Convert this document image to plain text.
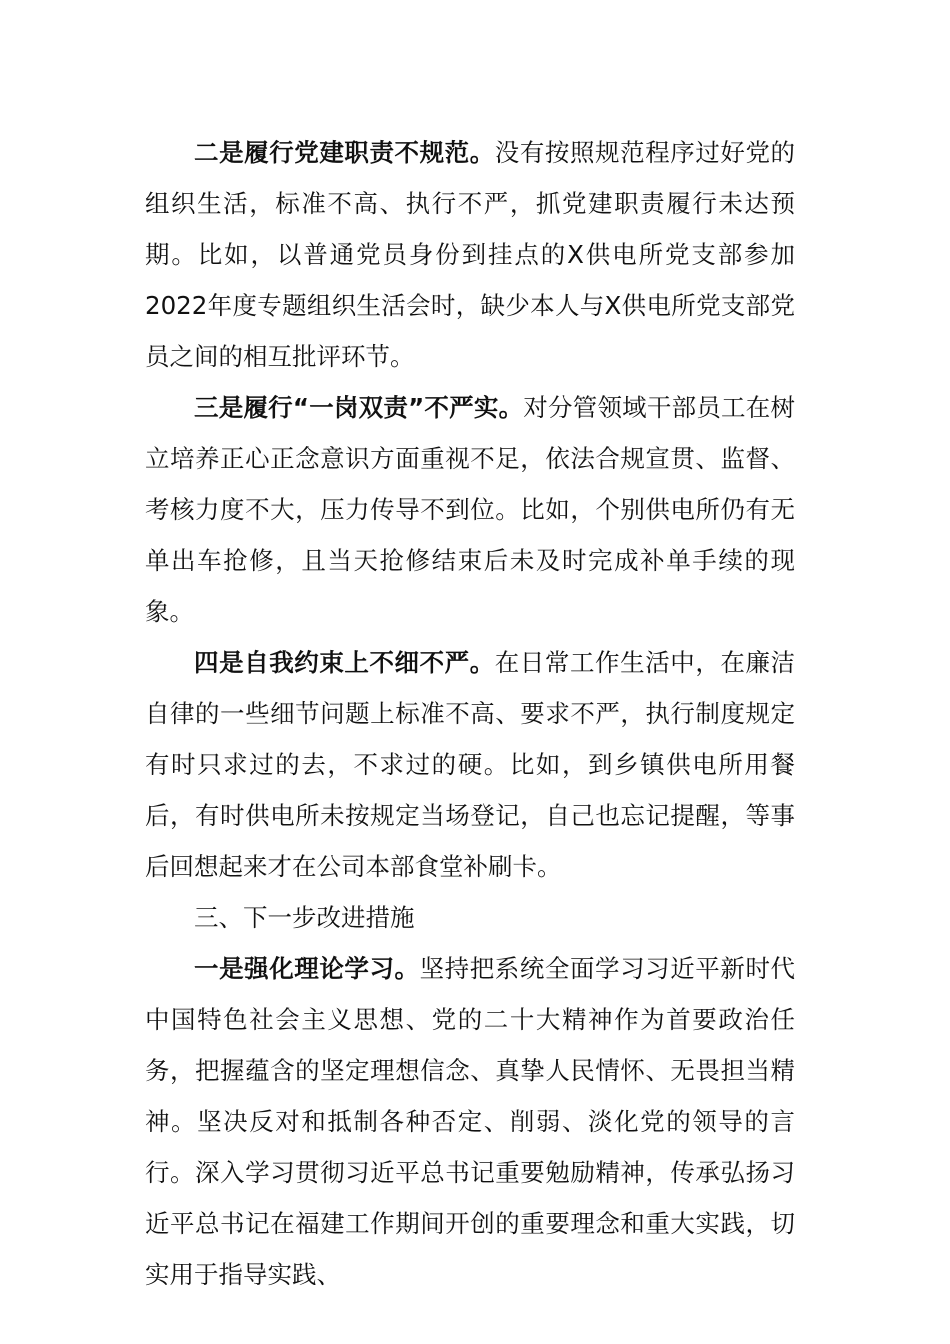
二是履行党建职责不规范。没有按照规范程序过好党的组织生活，标准不高、执行不严，抓党建职责履行未达预期。比如，以普通党员身份到挂点的X供电所党支部参加2022年度专题组织生活会时，缺少本人与X供电所党支部党员之间的相互批评环节。

三是履行“一岗双责”不严实。对分管领域干部员工在树立培养正心正念意识方面重视不足，依法合规宣贯、监督、考核力度不大，压力传导不到位。比如，个别供电所仍有无单出车抢修，且当天抢修结束后未及时完成补单手续的现象。

四是自我约束上不细不严。在日常工作生活中，在廉洁自律的一些细节问题上标准不高、要求不严，执行制度规定有时只求过的去，不求过的硬。比如，到乡镇供电所用餐后，有时供电所未按规定当场登记，自己也忘记提醒，等事后回想起来才在公司本部食堂补刷卡。

三、下一步改进措施

一是强化理论学习。坚持把系统全面学习习近平新时代中国特色社会主义思想、党的二十大精神作为首要政治任务，把握蕴含的坚定理想信念、真挚人民情怀、无畏担当精神。坚决反对和抵制各种否定、削弱、淡化党的领导的言行。深入学习贯彻习近平总书记重要勉励精神，传承弘扬习近平总书记在福建工作期间开创的重要理念和重大实践，切实用于指导实践、
